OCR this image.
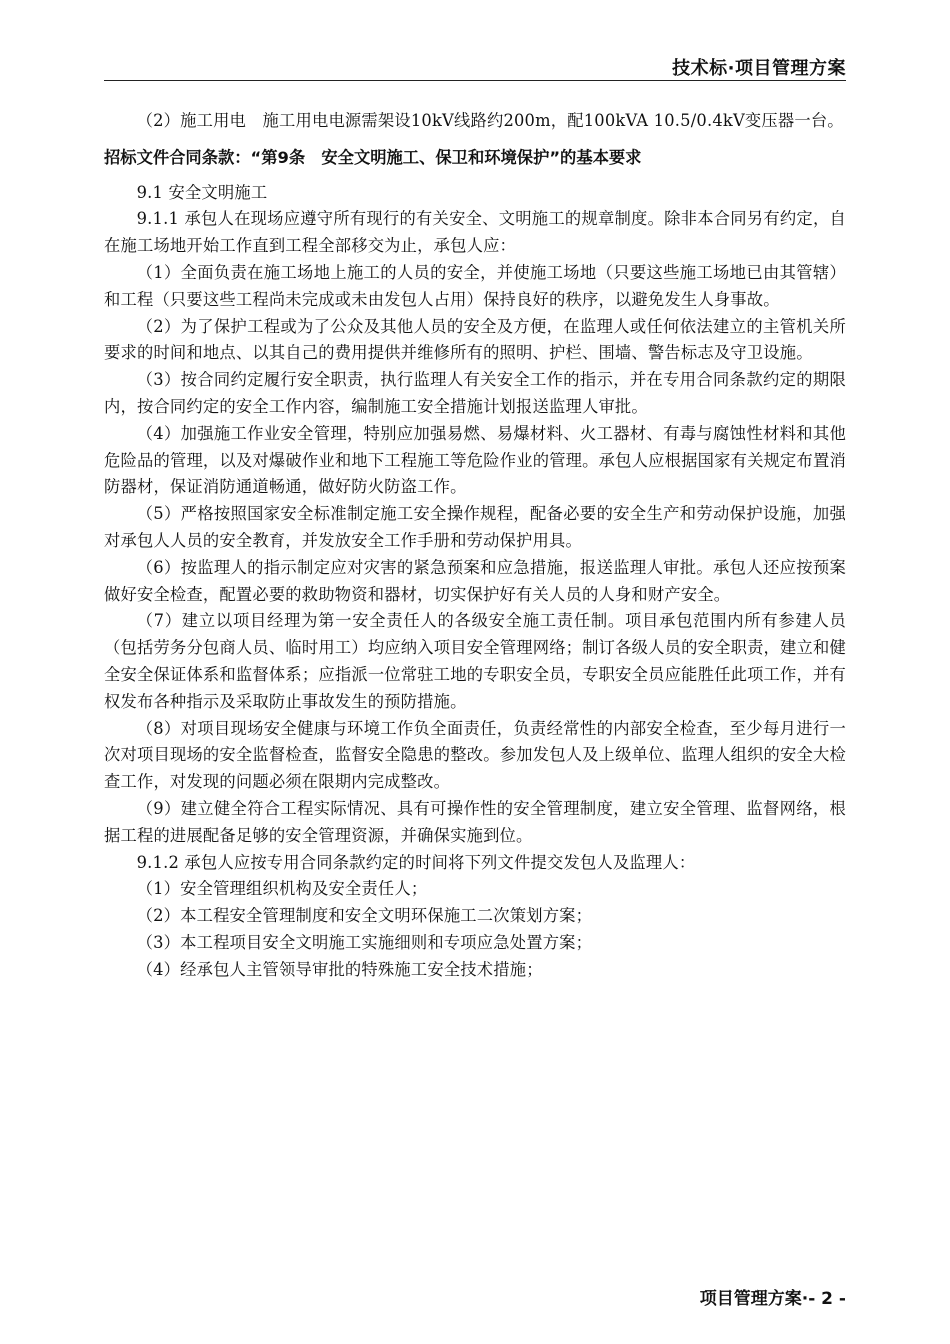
技术标·项目管理方案

（2）施工用电　施工用电电源需架设10kV线路约200m，配100kVA 10.5/0.4kV变压器一台。

招标文件合同条款：“第9条　安全文明施工、保卫和环境保护”的基本要求

9.1 安全文明施工

9.1.1 承包人在现场应遵守所有现行的有关安全、文明施工的规章制度。除非本合同另有约定，自在施工场地开始工作直到工程全部移交为止，承包人应：

（1）全面负责在施工场地上施工的人员的安全，并使施工场地（只要这些施工场地已由其管辖）和工程（只要这些工程尚未完成或未由发包人占用）保持良好的秩序，以避免发生人身事故。

（2）为了保护工程或为了公众及其他人员的安全及方便，在监理人或任何依法建立的主管机关所要求的时间和地点、以其自己的费用提供并维修所有的照明、护栏、围墙、警告标志及守卫设施。

（3）按合同约定履行安全职责，执行监理人有关安全工作的指示，并在专用合同条款约定的期限内，按合同约定的安全工作内容，编制施工安全措施计划报送监理人审批。

（4）加强施工作业安全管理，特别应加强易燃、易爆材料、火工器材、有毒与腐蚀性材料和其他危险品的管理，以及对爆破作业和地下工程施工等危险作业的管理。承包人应根据国家有关规定布置消防器材，保证消防通道畅通，做好防火防盗工作。

（5）严格按照国家安全标准制定施工安全操作规程，配备必要的安全生产和劳动保护设施，加强对承包人人员的安全教育，并发放安全工作手册和劳动保护用具。

（6）按监理人的指示制定应对灾害的紧急预案和应急措施，报送监理人审批。承包人还应按预案做好安全检查，配置必要的救助物资和器材，切实保护好有关人员的人身和财产安全。

（7）建立以项目经理为第一安全责任人的各级安全施工责任制。项目承包范围内所有参建人员（包括劳务分包商人员、临时用工）均应纳入项目安全管理网络；制订各级人员的安全职责，建立和健全安全保证体系和监督体系；应指派一位常驻工地的专职安全员，专职安全员应能胜任此项工作，并有权发布各种指示及采取防止事故发生的预防措施。

（8）对项目现场安全健康与环境工作负全面责任，负责经常性的内部安全检查，至少每月进行一次对项目现场的安全监督检查，监督安全隐患的整改。参加发包人及上级单位、监理人组织的安全大检查工作，对发现的问题必须在限期内完成整改。

（9）建立健全符合工程实际情况、具有可操作性的安全管理制度，建立安全管理、监督网络，根据工程的进展配备足够的安全管理资源，并确保实施到位。

9.1.2 承包人应按专用合同条款约定的时间将下列文件提交发包人及监理人：

（1）安全管理组织机构及安全责任人；

（2）本工程安全管理制度和安全文明环保施工二次策划方案；

（3）本工程项目安全文明施工实施细则和专项应急处置方案；

（4）经承包人主管领导审批的特殊施工安全技术措施；

项目管理方案·- 2 -
